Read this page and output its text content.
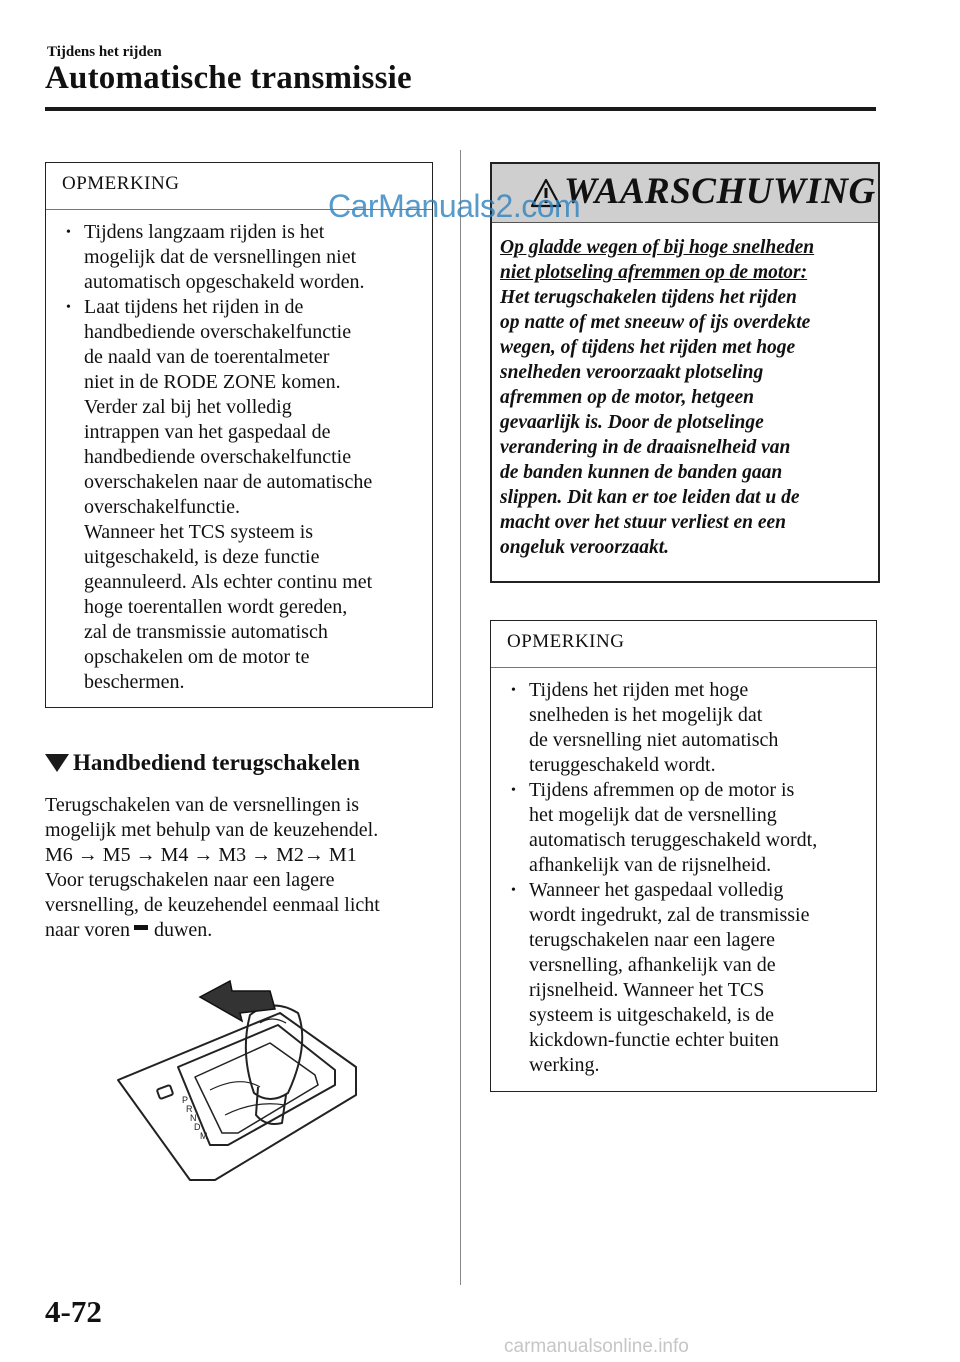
Tijdens het rijden
Automatische transmissie
OPMERKING
• Tijdens langzaam rijden is het
mogelijk dat de versnellingen niet
automatisch opgeschakeld worden.
• Laat tijdens het rijden in de
handbediende overschakelfunctie
de naald van de toerentalmeter
niet in de RODE ZONE komen.
Verder zal bij het volledig
intrappen van het gaspedaal de
handbediende overschakelfunctie
overschakelen naar de automatische
overschakelfunctie.
Wanneer het TCS systeem is
uitgeschakeld, is deze functie
geannuleerd. Als echter continu met
hoge toerentallen wordt gereden,
zal de transmissie automatisch
opschakelen om de motor te
beschermen.
Handbediend terugschakelen

Terugschakelen van de versnellingen is

mogelijk met behulp van de keuzehendel.

M6 → M5 → M4 → M3 → M2→ M1

Voor terugschakelen naar een lagere

versnelling, de keuzehendel eenmaal licht

naar voren duwen.

P
R
N
D
M
WAARSCHUWING
Op gladde wegen of bij hoge snelheden
niet plotseling afremmen op de motor:
Het terugschakelen tijdens het rijden
op natte of met sneeuw of ijs overdekte
wegen, of tijdens het rijden met hoge
snelheden veroorzaakt plotseling
afremmen op de motor, hetgeen
gevaarlijk is. Door de plotselinge
verandering in de draaisnelheid van
de banden kunnen de banden gaan
slippen. Dit kan er toe leiden dat u de
macht over het stuur verliest en een
ongeluk veroorzaakt.
OPMERKING
• Tijdens het rijden met hoge
snelheden is het mogelijk dat
de versnelling niet automatisch
teruggeschakeld wordt.
• Tijdens afremmen op de motor is
het mogelijk dat de versnelling
automatisch teruggeschakeld wordt,
afhankelijk van de rijsnelheid.
• Wanneer het gaspedaal volledig
wordt ingedrukt, zal de transmissie
terugschakelen naar een lagere
versnelling, afhankelijk van de
rijsnelheid. Wanneer het TCS
systeem is uitgeschakeld, is de
kickdown-functie echter buiten
werking.
4-72
CarManuals2.com
carmanualsonline.info
